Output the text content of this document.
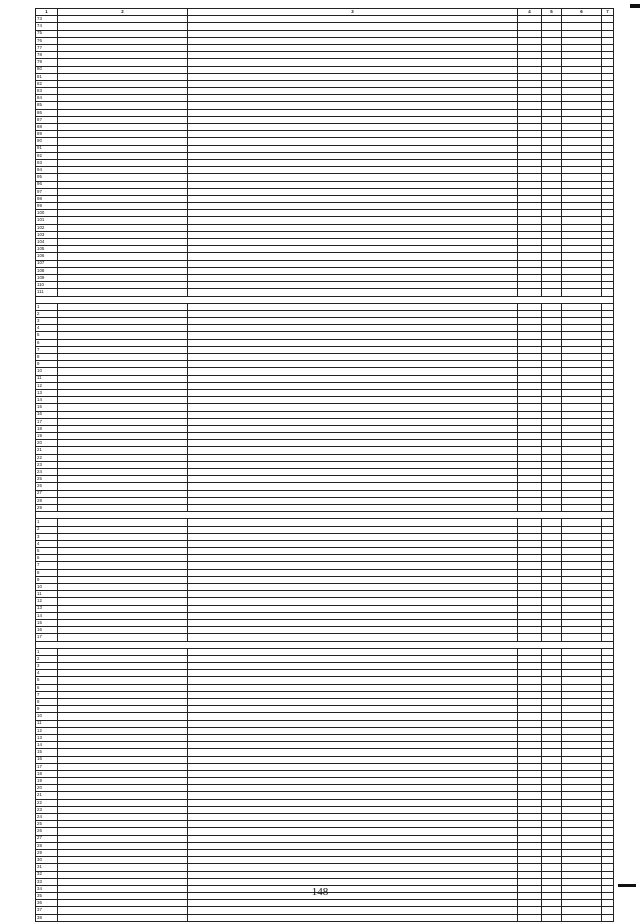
1	2	3	4	5	6	7
73						
74						
75						
76						
77						
78						
79						
80						
81						
82						
83						
84						
85						
86						
87						
88						
89						
90						
91						
92						
93						
94						
95						
96						
97						
98						
99						
100						
101						
102						
103						
104						
105						
106						
107						
108						
109						
110						
111						

1						
2						
3						
4						
5						
6						
7						
8						
9						
10						
11						
12						
13						
14						
15						
16						
17						
18						
19						
20						
21						
22						
23						
24						
25						
26						
27						
28						
29						

1						
2						
3						
4						
5						
6						
7						
8						
9						
10						
11						
12						
13						
14						
15						
16						
17						

1						
2						
3						
4						
5						
6						
7						
8						
9						
10						
11						
12						
13						
14						
15						
16						
17						
18						
19						
20						
21						
22						
23						
24						
25						
26						
27						
28						
29						
30						
31						
32						
33						
34						
35						
36						
37						
38						
148
